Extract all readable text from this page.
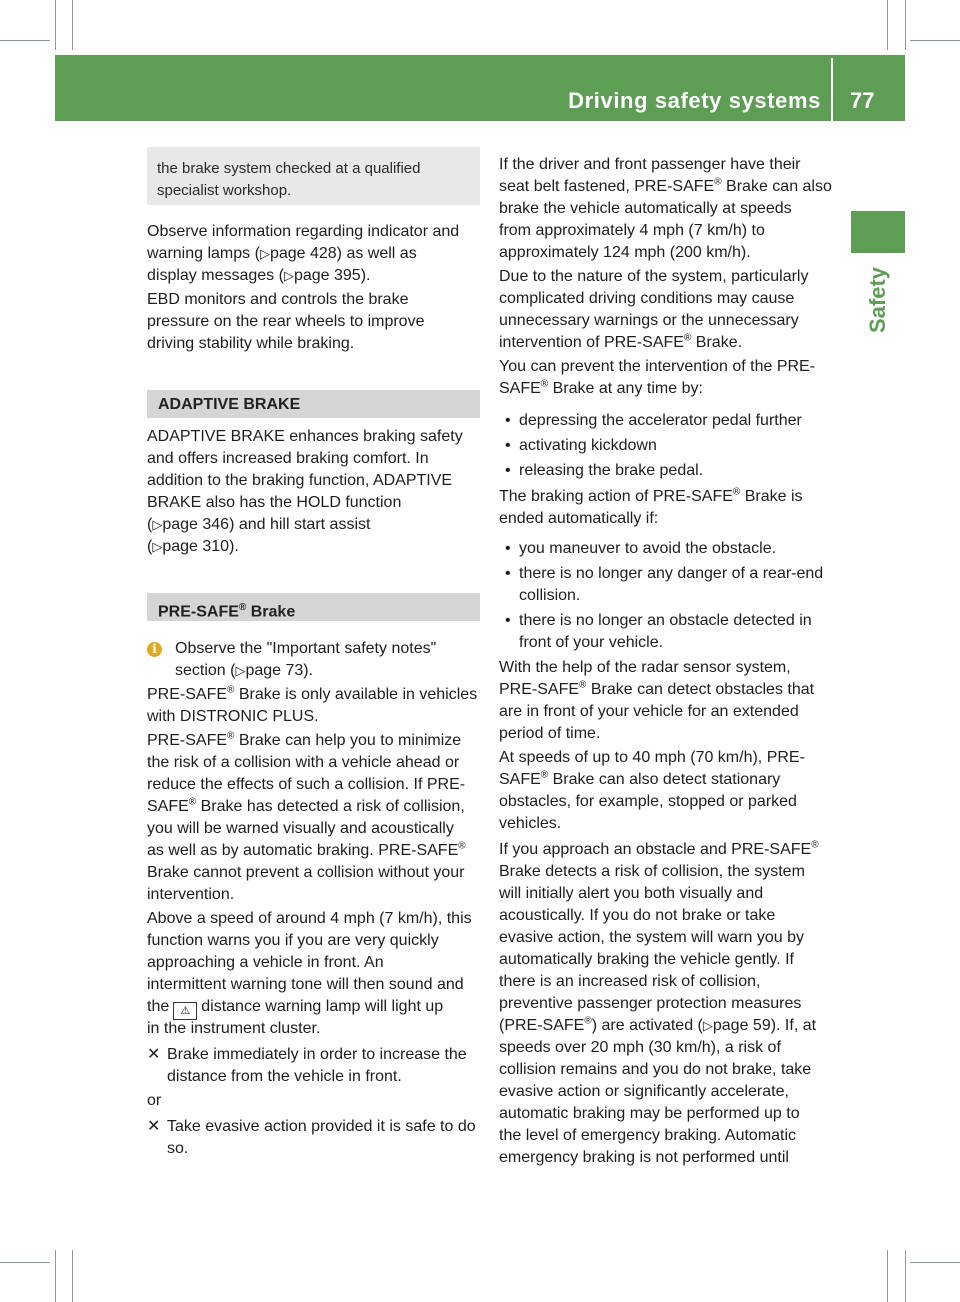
Driving safety systems 77
Safety
the brake system checked at a qualified
specialist workshop.
Observe information regarding indicator and
warning lamps (▷page 428) as well as
display messages (▷page 395).
EBD monitors and controls the brake
pressure on the rear wheels to improve
driving stability while braking.
ADAPTIVE BRAKE
ADAPTIVE BRAKE enhances braking safety
and offers increased braking comfort. In
addition to the braking function, ADAPTIVE
BRAKE also has the HOLD function
(▷page 346) and hill start assist
(▷page 310).
PRE-SAFE® Brake
i	Observe the "Important safety notes"
section (▷page 73).
PRE-SAFE® Brake is only available in vehicles
with DISTRONIC PLUS.
PRE-SAFE® Brake can help you to minimize
the risk of a collision with a vehicle ahead or
reduce the effects of such a collision. If PRE-
SAFE® Brake has detected a risk of collision,
you will be warned visually and acoustically
as well as by automatic braking. PRE-SAFE®
Brake cannot prevent a collision without your
intervention.
Above a speed of around 4 mph (7 km/h), this
function warns you if you are very quickly
approaching a vehicle in front. An
intermittent warning tone will then sound and
the ⚠ distance warning lamp will light up
in the instrument cluster.
✕ Brake immediately in order to increase the
distance from the vehicle in front.
or
✕ Take evasive action provided it is safe to do
so.
If the driver and front passenger have their
seat belt fastened, PRE-SAFE® Brake can also
brake the vehicle automatically at speeds
from approximately 4 mph (7 km/h) to
approximately 124 mph (200 km/h).
Due to the nature of the system, particularly
complicated driving conditions may cause
unnecessary warnings or the unnecessary
intervention of PRE-SAFE® Brake.
You can prevent the intervention of the PRE-
SAFE® Brake at any time by:
• depressing the accelerator pedal further
• activating kickdown
• releasing the brake pedal.
The braking action of PRE-SAFE® Brake is
ended automatically if:
• you maneuver to avoid the obstacle.
• there is no longer any danger of a rear-end
collision.
• there is no longer an obstacle detected in
front of your vehicle.
With the help of the radar sensor system,
PRE-SAFE® Brake can detect obstacles that
are in front of your vehicle for an extended
period of time.
At speeds of up to 40 mph (70 km/h), PRE-
SAFE® Brake can also detect stationary
obstacles, for example, stopped or parked
vehicles.
If you approach an obstacle and PRE-SAFE®
Brake detects a risk of collision, the system
will initially alert you both visually and
acoustically. If you do not brake or take
evasive action, the system will warn you by
automatically braking the vehicle gently. If
there is an increased risk of collision,
preventive passenger protection measures
(PRE-SAFE®) are activated (▷page 59). If, at
speeds over 20 mph (30 km/h), a risk of
collision remains and you do not brake, take
evasive action or significantly accelerate,
automatic braking may be performed up to
the level of emergency braking. Automatic
emergency braking is not performed until
